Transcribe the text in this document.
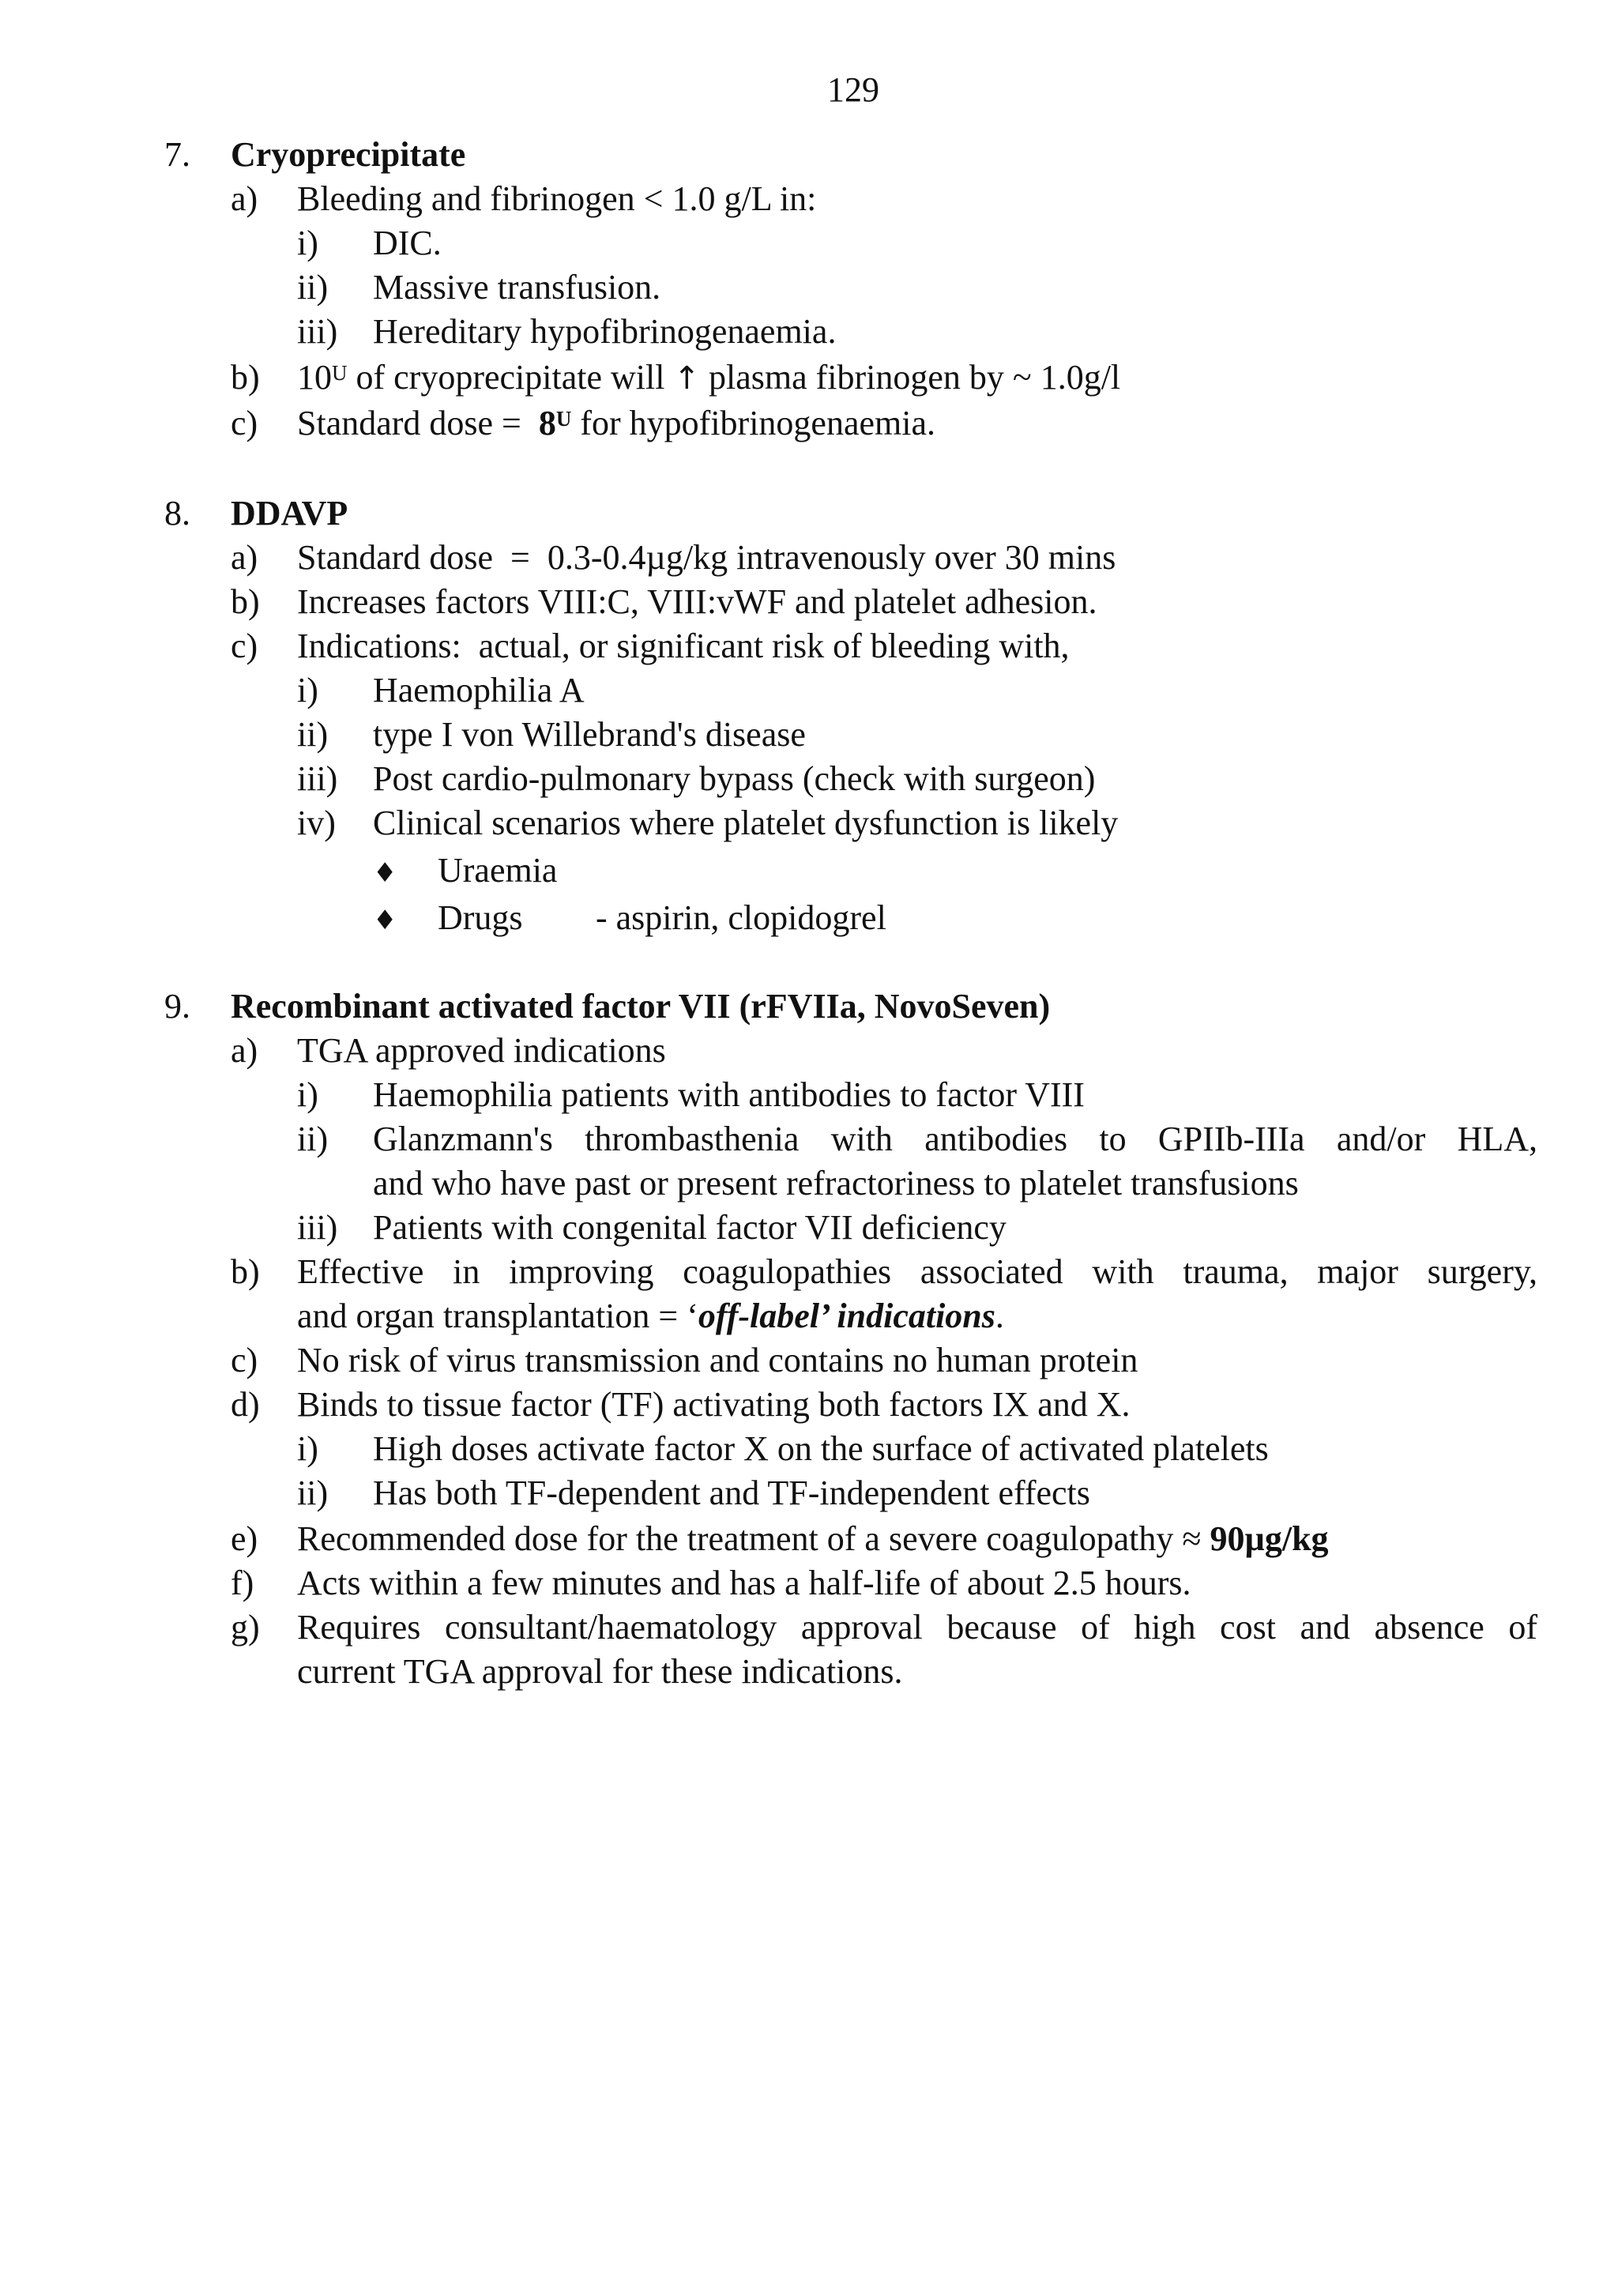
129
7. Cryoprecipitate
a) Bleeding and fibrinogen < 1.0 g/L in:
i) DIC.
ii) Massive transfusion.
iii) Hereditary hypofibrinogenaemia.
b) $10^U$ of cryoprecipitate will ↑ plasma fibrinogen by ~ 1.0g/l
c) Standard dose =  $8^U$ for hypofibrinogenaemia.
8. DDAVP
a) Standard dose  =  0.3-0.4µg/kg intravenously over 30 mins
b) Increases factors VIII:C, VIII:vWF and platelet adhesion.
c) Indications:  actual, or significant risk of bleeding with,
i) Haemophilia A
ii) type I von Willebrand's disease
iii) Post cardio-pulmonary bypass (check with surgeon)
iv) Clinical scenarios where platelet dysfunction is likely
♦ Uraemia
♦ Drugs - aspirin, clopidogrel
9. Recombinant activated factor VII (rFVIIa, NovoSeven)
a) TGA approved indications
i) Haemophilia patients with antibodies to factor VIII
ii) Glanzmann's thrombasthenia with antibodies to GPIIb-IIIa and/or HLA,
and who have past or present refractoriness to platelet transfusions
iii) Patients with congenital factor VII deficiency
b) Effective in improving coagulopathies associated with trauma, major surgery,
and organ transplantation = ‘off-label’ indications.
c) No risk of virus transmission and contains no human protein
d) Binds to tissue factor (TF) activating both factors IX and X.
i) High doses activate factor X on the surface of activated platelets
ii) Has both TF-dependent and TF-independent effects
e) Recommended dose for the treatment of a severe coagulopathy ≈ 90µg/kg
f) Acts within a few minutes and has a half-life of about 2.5 hours.
g) Requires consultant/haematology approval because of high cost and absence of
current TGA approval for these indications.
